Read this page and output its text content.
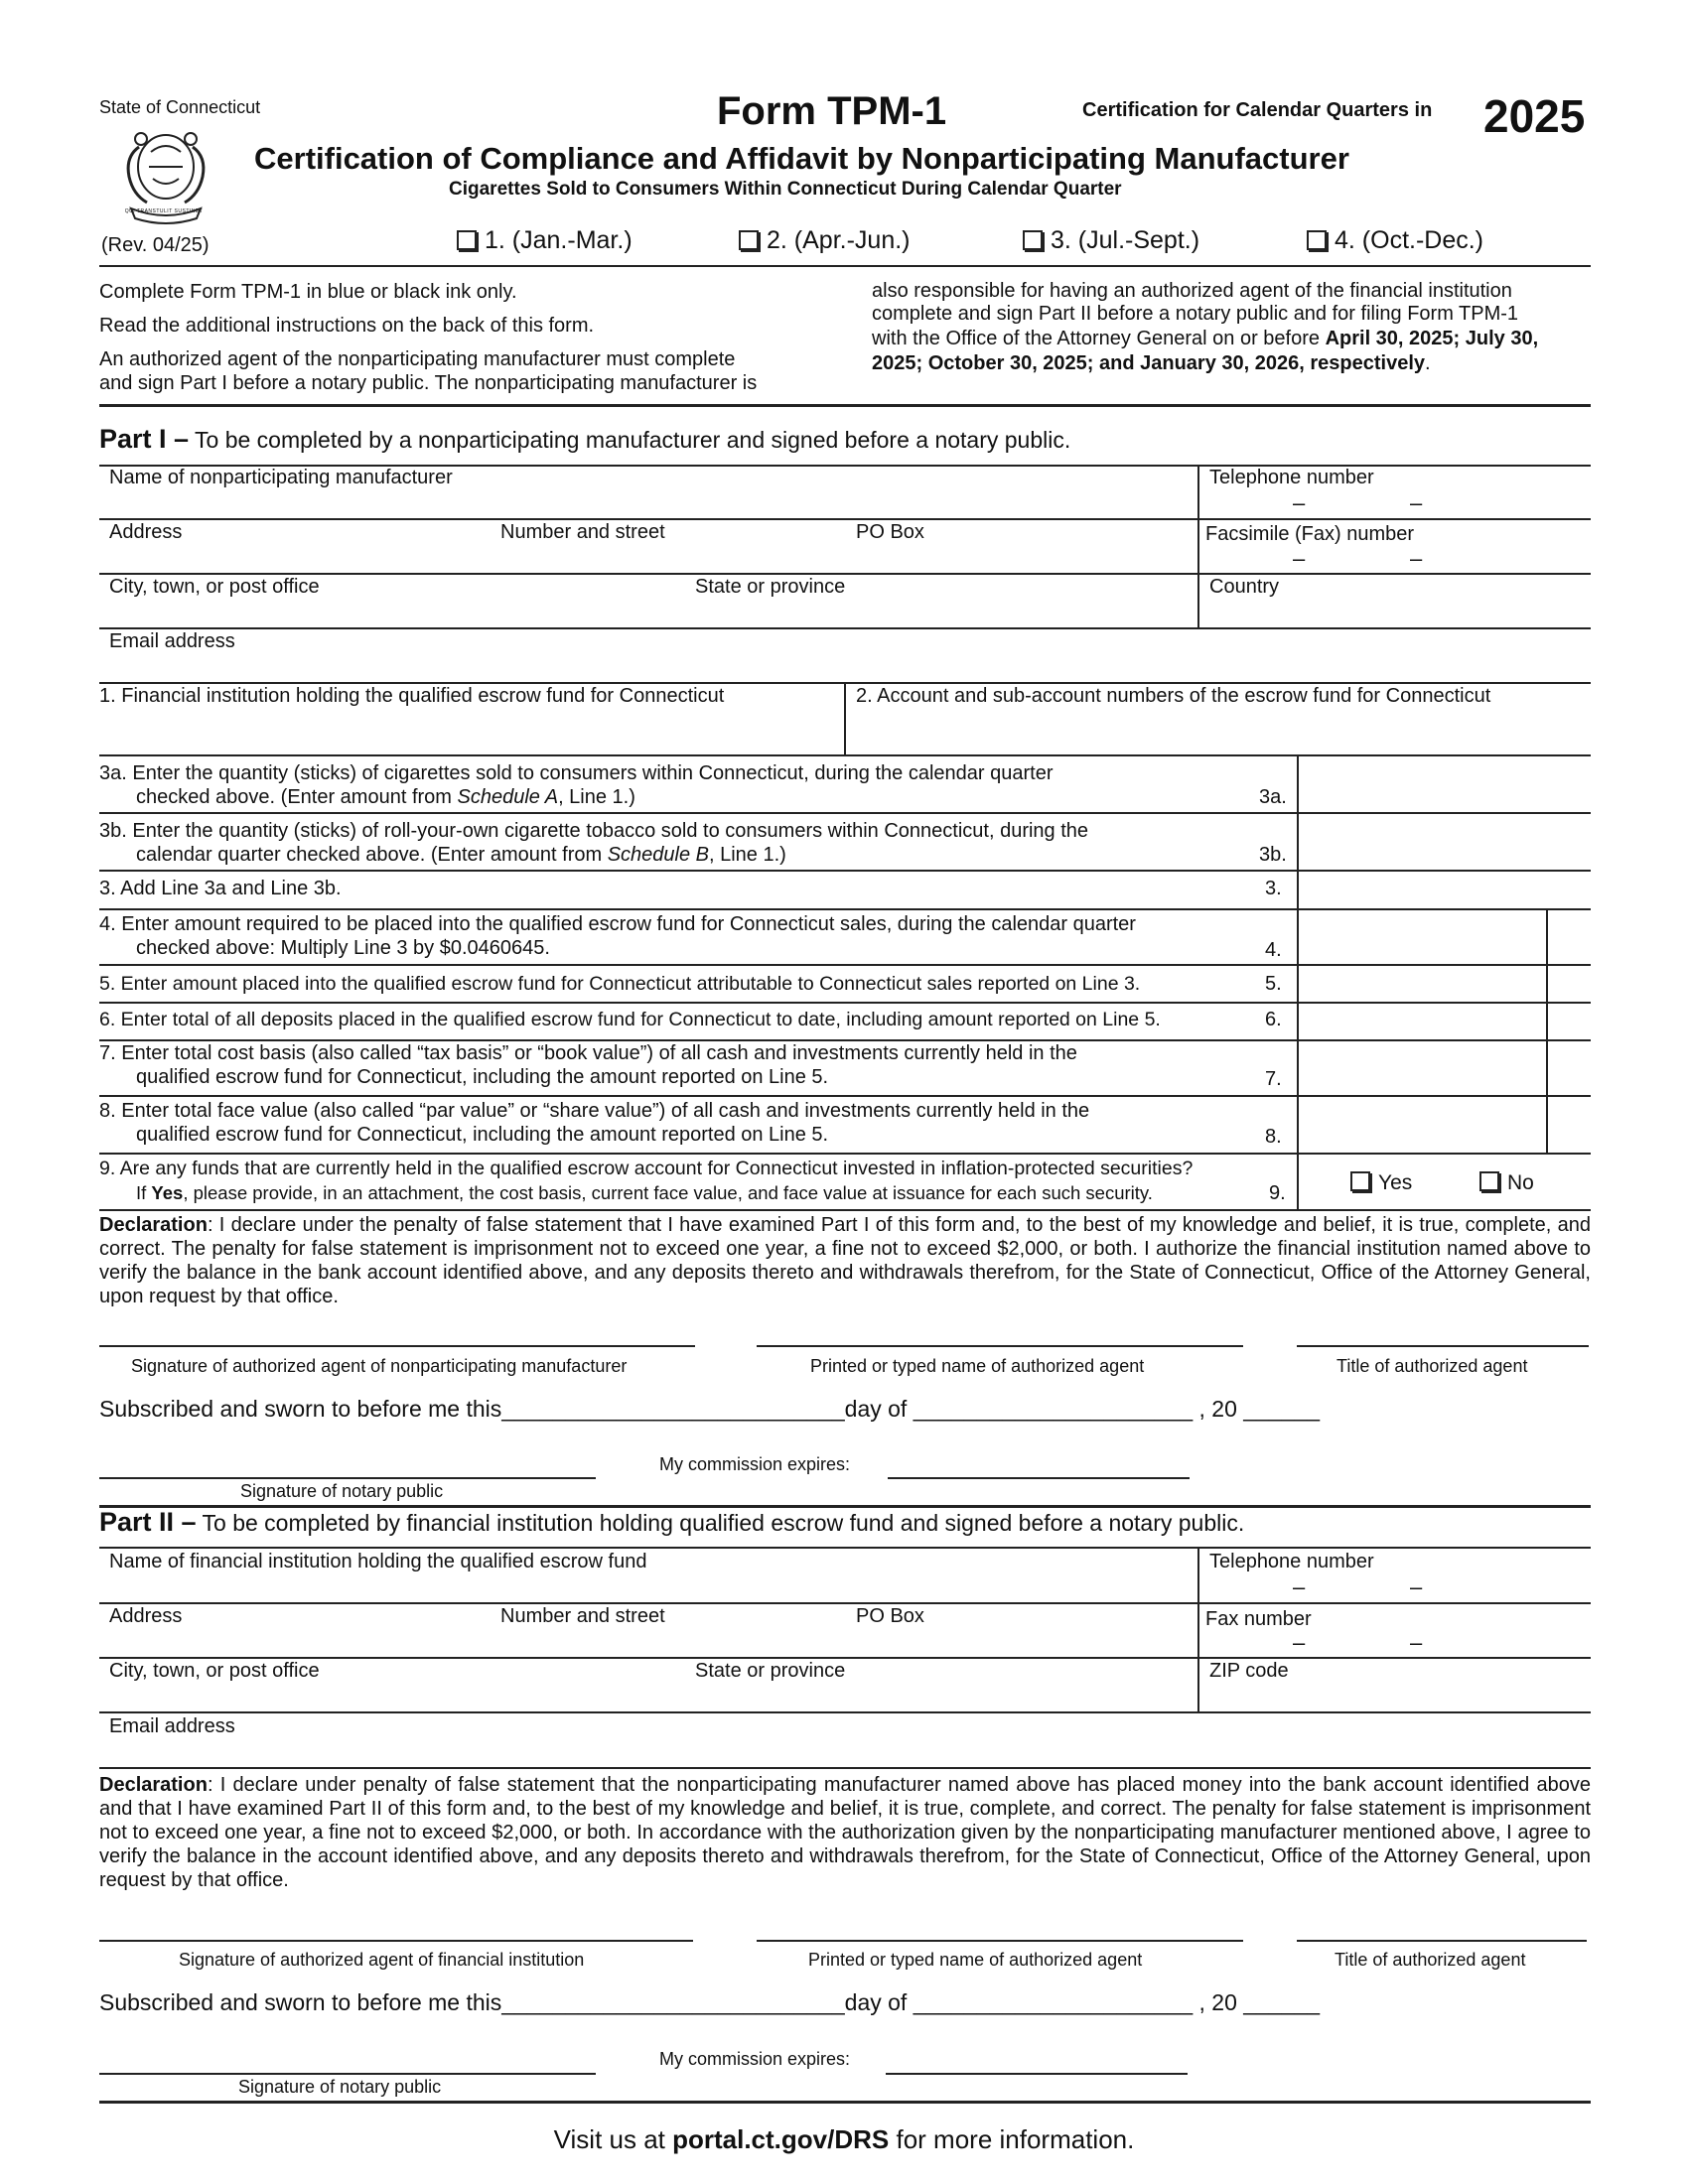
State of Connecticut
QUI TRANSTULIT SUSTINET
Form TPM-1	Certification for Calendar Quarters in 2025
Certification of Compliance and Affidavit by Nonparticipating Manufacturer
Cigarettes Sold to Consumers Within Connecticut During Calendar Quarter
(Rev. 04/25)	1. (Jan.-Mar.)	2. (Apr.-Jun.)	3. (Jul.-Sept.)	4. (Oct.-Dec.)
Complete Form TPM-1 in blue or black ink only.
Read the additional instructions on the back of this form.
An authorized agent of the nonparticipating manufacturer must complete
and sign Part I before a notary public. The nonparticipating manufacturer is
also responsible for having an authorized agent of the financial institution
complete and sign Part II before a notary public and for filing Form TPM-1
with the Office of the Attorney General on or before April 30, 2025; July 30,
2025; October 30, 2025; and January 30, 2026, respectively.
Part I – To be completed by a nonparticipating manufacturer and signed before a notary public.
Name of nonparticipating manufacturer	Telephone number
–	–
Address	Number and street	PO Box	Facsimile (Fax) number
–	–
City, town, or post office	State or province	Country
Email address
1. Financial institution holding the qualified escrow fund for Connecticut	2. Account and sub-account numbers of the escrow fund for Connecticut
3a. Enter the quantity (sticks) of cigarettes sold to consumers within Connecticut, during the calendar quarter
checked above. (Enter amount from Schedule A, Line 1.)	3a.
3b. Enter the quantity (sticks) of roll-your-own cigarette tobacco sold to consumers within Connecticut, during the
calendar quarter checked above. (Enter amount from Schedule B, Line 1.)	3b.
3. Add Line 3a and Line 3b.	3.
4. Enter amount required to be placed into the qualified escrow fund for Connecticut sales, during the calendar quarter
checked above: Multiply Line 3 by $0.0460645.	4.
5. Enter amount placed into the qualified escrow fund for Connecticut attributable to Connecticut sales reported on Line 3.	5.
6. Enter total of all deposits placed in the qualified escrow fund for Connecticut to date, including amount reported on Line 5.	6.
7. Enter total cost basis (also called “tax basis” or “book value”) of all cash and investments currently held in the
qualified escrow fund for Connecticut, including the amount reported on Line 5.	7.
8. Enter total face value (also called “par value” or “share value”) of all cash and investments currently held in the
qualified escrow fund for Connecticut, including the amount reported on Line 5.	8.
9. Are any funds that are currently held in the qualified escrow account for Connecticut invested in inflation-protected securities?
If Yes, please provide, in an attachment, the cost basis, current face value, and face value at issuance for each such security.	9.	Yes	No
Declaration: I declare under the penalty of false statement that I have examined Part I of this form and, to the best of my knowledge and belief, it is true, complete, and correct. The penalty for false statement is imprisonment not to exceed one year, a fine not to exceed $2,000, or both. I authorize the financial institution named above to verify the balance in the bank account identified above, and any deposits thereto and withdrawals therefrom, for the State of Connecticut, Office of the Attorney General, upon request by that office.
Signature of authorized agent of nonparticipating manufacturer	Printed or typed name of authorized agent	Title of authorized agent
Subscribed and sworn to before me this___________________________day of ______________________ , 20 ______
My commission expires:
Signature of notary public
Part II – To be completed by financial institution holding qualified escrow fund and signed before a notary public.
Name of financial institution holding the qualified escrow fund	Telephone number
–	–
Address	Number and street	PO Box	Fax number
–	–
City, town, or post office	State or province	ZIP code
Email address
Declaration: I declare under penalty of false statement that the nonparticipating manufacturer named above has placed money into the bank account identified above and that I have examined Part II of this form and, to the best of my knowledge and belief, it is true, complete, and correct. The penalty for false statement is imprisonment not to exceed one year, a fine not to exceed $2,000, or both. In accordance with the authorization given by the nonparticipating manufacturer mentioned above, I agree to verify the balance in the account identified above, and any deposits thereto and withdrawals therefrom, for the State of Connecticut, Office of the Attorney General, upon request by that office.
Signature of authorized agent of financial institution	Printed or typed name of authorized agent	Title of authorized agent
Subscribed and sworn to before me this___________________________day of ______________________ , 20 ______
My commission expires:
Signature of notary public
Visit us at portal.ct.gov/DRS for more information.
